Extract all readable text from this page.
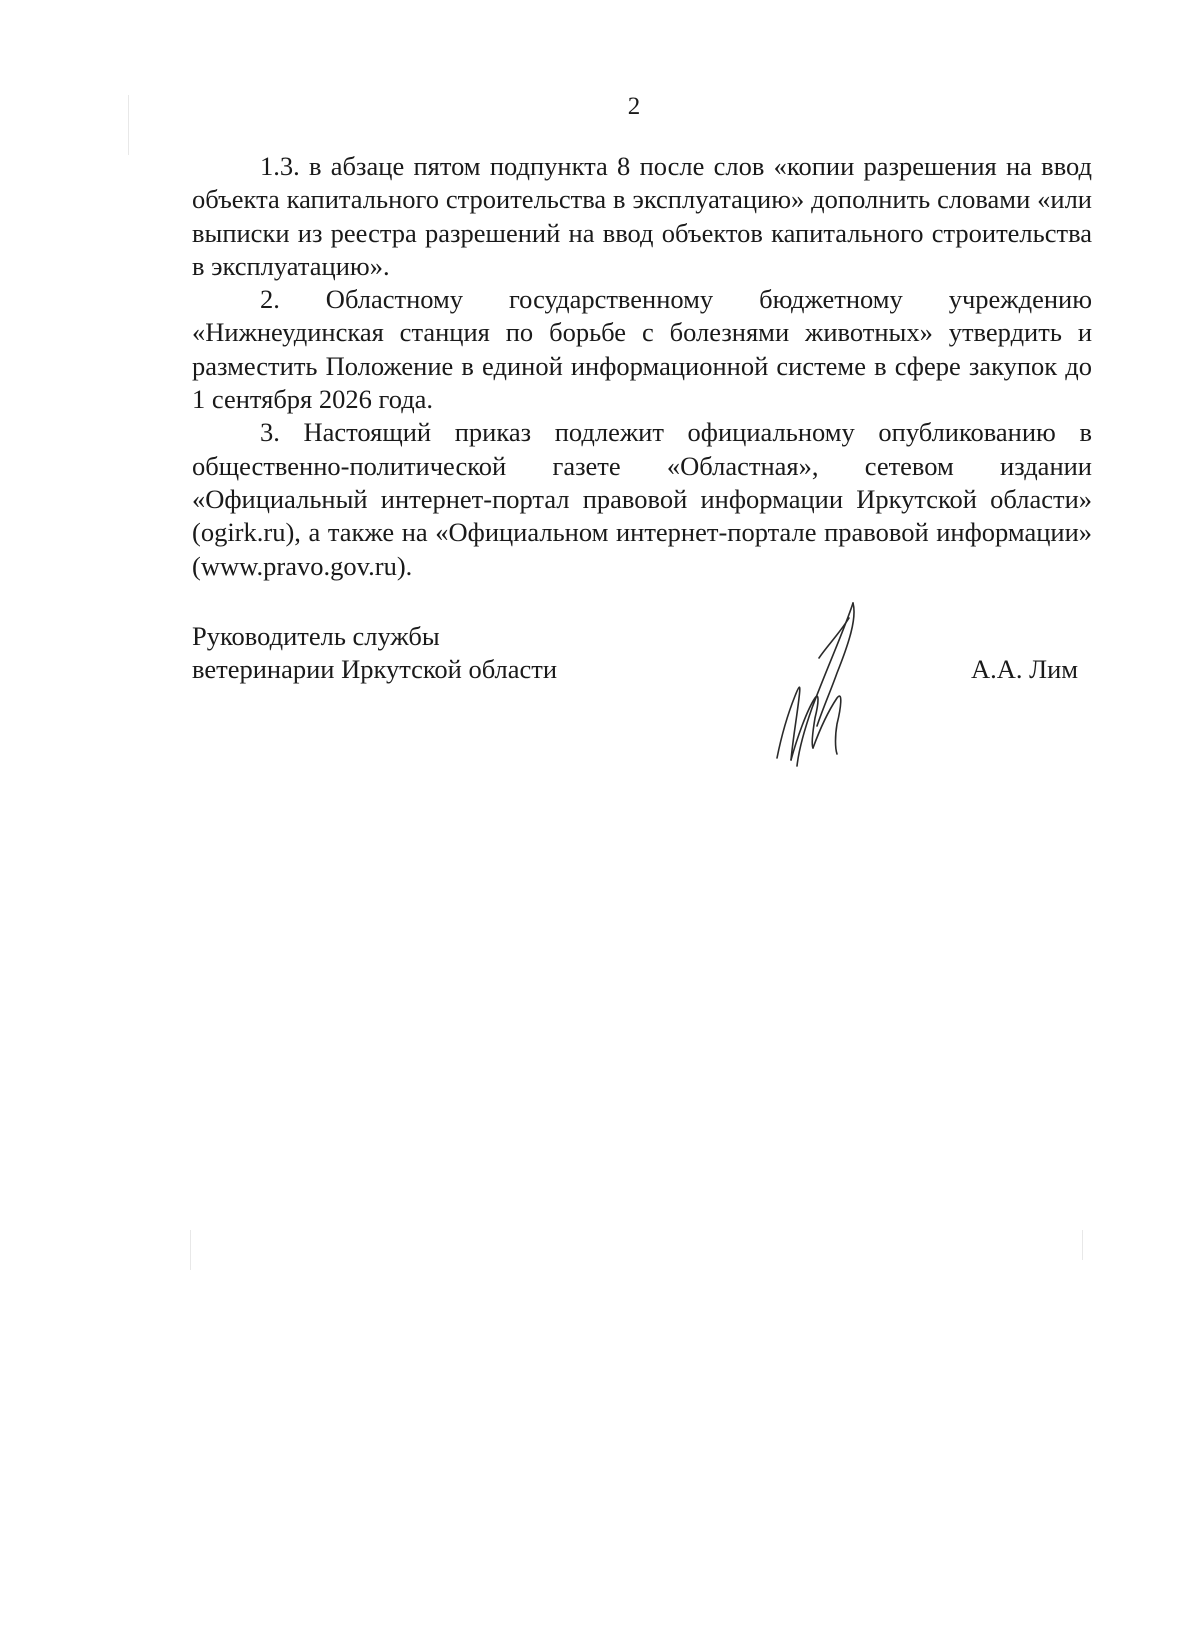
2

1.3. в абзаце пятом подпункта 8 после слов «копии разрешения на ввод объекта капитального строительства в эксплуатацию» дополнить словами «или выписки из реестра разрешений на ввод объектов капитального строительства в эксплуатацию».

2. Областному государственному бюджетному учреждению «Нижнеудинская станция по борьбе с болезнями животных» утвердить и разместить Положение в единой информационной системе в сфере закупок до 1 сентября 2026 года.

3. Настоящий приказ подлежит официальному опубликованию в общественно-политической газете «Областная», сетевом издании «Официальный интернет-портал правовой информации Иркутской области» (ogirk.ru), а также на «Официальном интернет-портале правовой информации» (www.pravo.gov.ru).

Руководитель службы
ветеринарии Иркутской области	А.А. Лим
